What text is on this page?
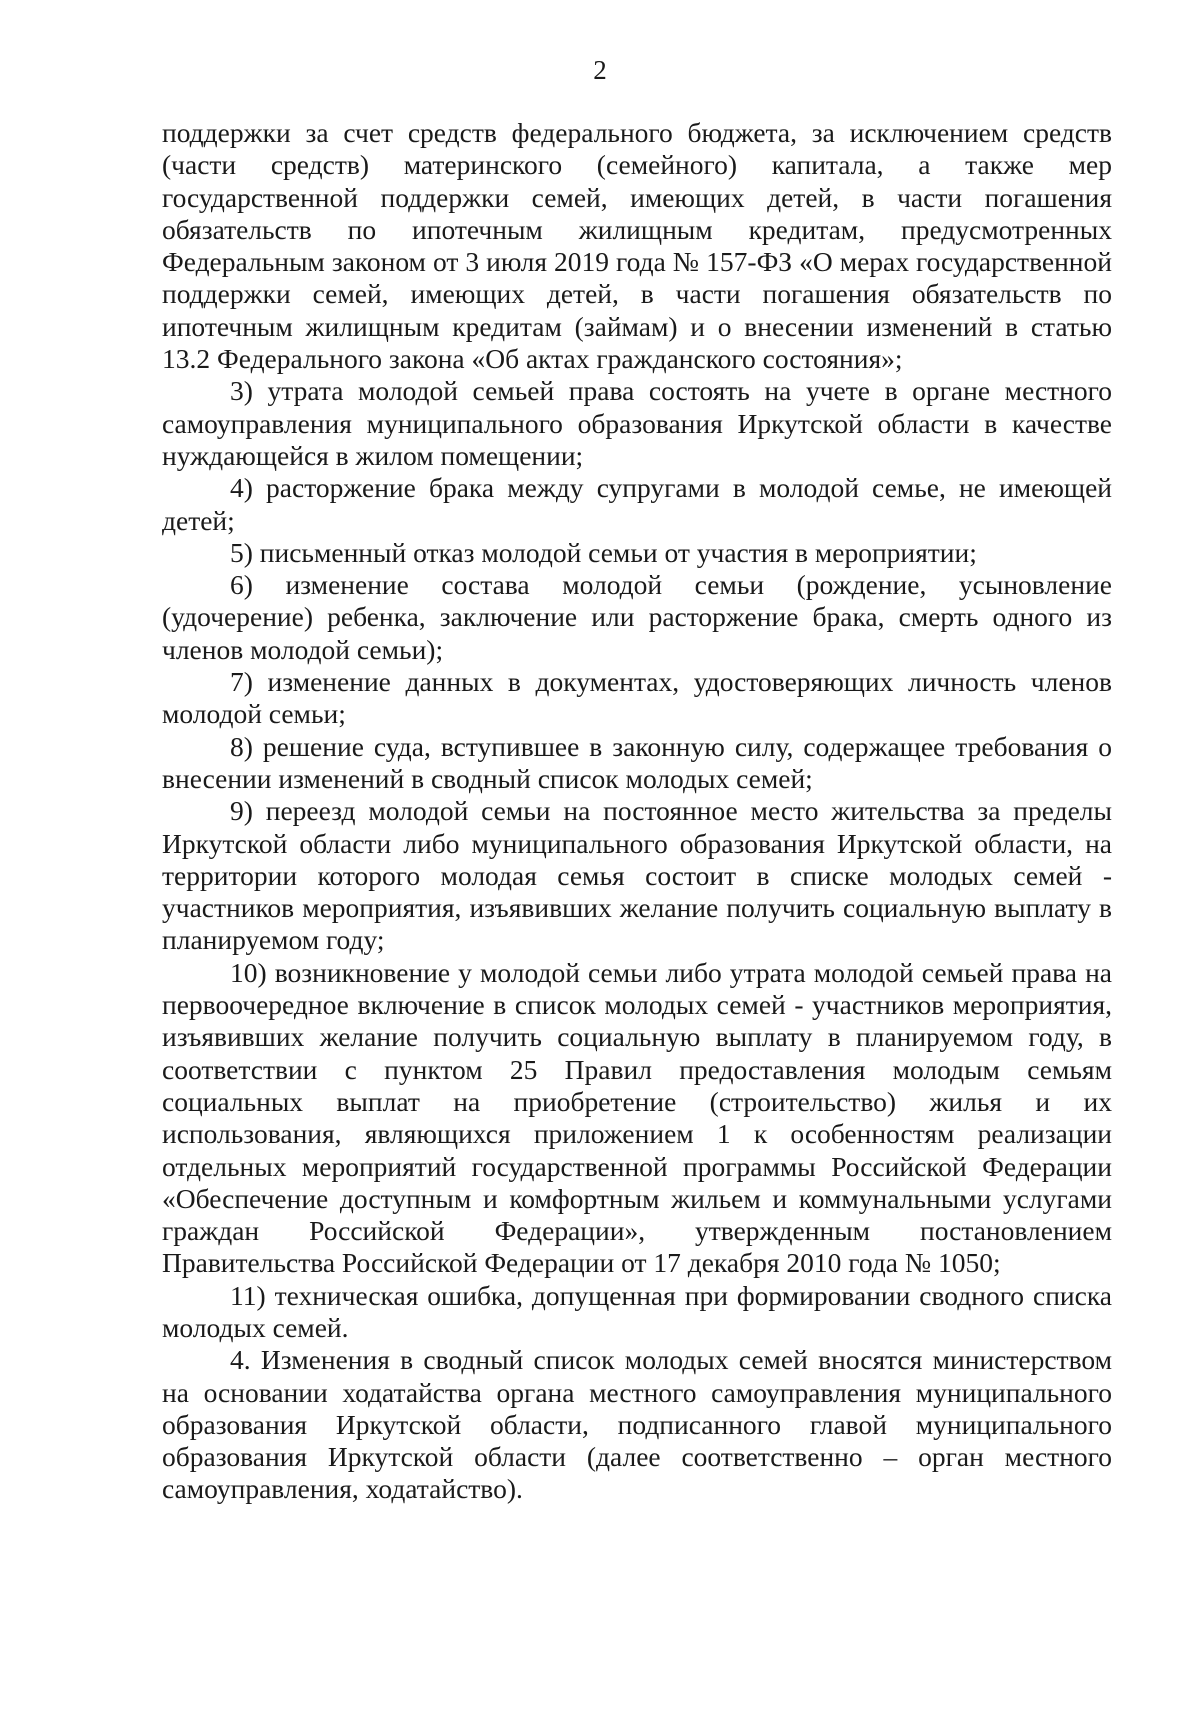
2

поддержки за счет средств федерального бюджета, за исключением средств (части средств) материнского (семейного) капитала, а также мер государственной поддержки семей, имеющих детей, в части погашения обязательств по ипотечным жилищным кредитам, предусмотренных Федеральным законом от 3 июля 2019 года № 157-ФЗ «О мерах государственной поддержки семей, имеющих детей, в части погашения обязательств по ипотечным жилищным кредитам (займам) и о внесении изменений в статью 13.2 Федерального закона «Об актах гражданского состояния»;

3) утрата молодой семьей права состоять на учете в органе местного самоуправления муниципального образования Иркутской области в качестве нуждающейся в жилом помещении;

4) расторжение брака между супругами в молодой семье, не имеющей детей;

5) письменный отказ молодой семьи от участия в мероприятии;

6) изменение состава молодой семьи (рождение, усыновление (удочерение) ребенка, заключение или расторжение брака, смерть одного из членов молодой семьи);

7) изменение данных в документах, удостоверяющих личность членов молодой семьи;

8) решение суда, вступившее в законную силу, содержащее требования о внесении изменений в сводный список молодых семей;

9) переезд молодой семьи на постоянное место жительства за пределы Иркутской области либо муниципального образования Иркутской области, на территории которого молодая семья состоит в списке молодых семей - участников мероприятия, изъявивших желание получить социальную выплату в планируемом году;

10) возникновение у молодой семьи либо утрата молодой семьей права на первоочередное включение в список молодых семей - участников мероприятия, изъявивших желание получить социальную выплату в планируемом году, в соответствии с пунктом 25 Правил предоставления молодым семьям социальных выплат на приобретение (строительство) жилья и их использования, являющихся приложением 1 к особенностям реализации отдельных мероприятий государственной программы Российской Федерации «Обеспечение доступным и комфортным жильем и коммунальными услугами граждан Российской Федерации», утвержденным постановлением Правительства Российской Федерации от 17 декабря 2010 года № 1050;

11) техническая ошибка, допущенная при формировании сводного списка молодых семей.

4. Изменения в сводный список молодых семей вносятся министерством на основании ходатайства органа местного самоуправления муниципального образования Иркутской области, подписанного главой муниципального образования Иркутской области (далее соответственно – орган местного самоуправления, ходатайство).
